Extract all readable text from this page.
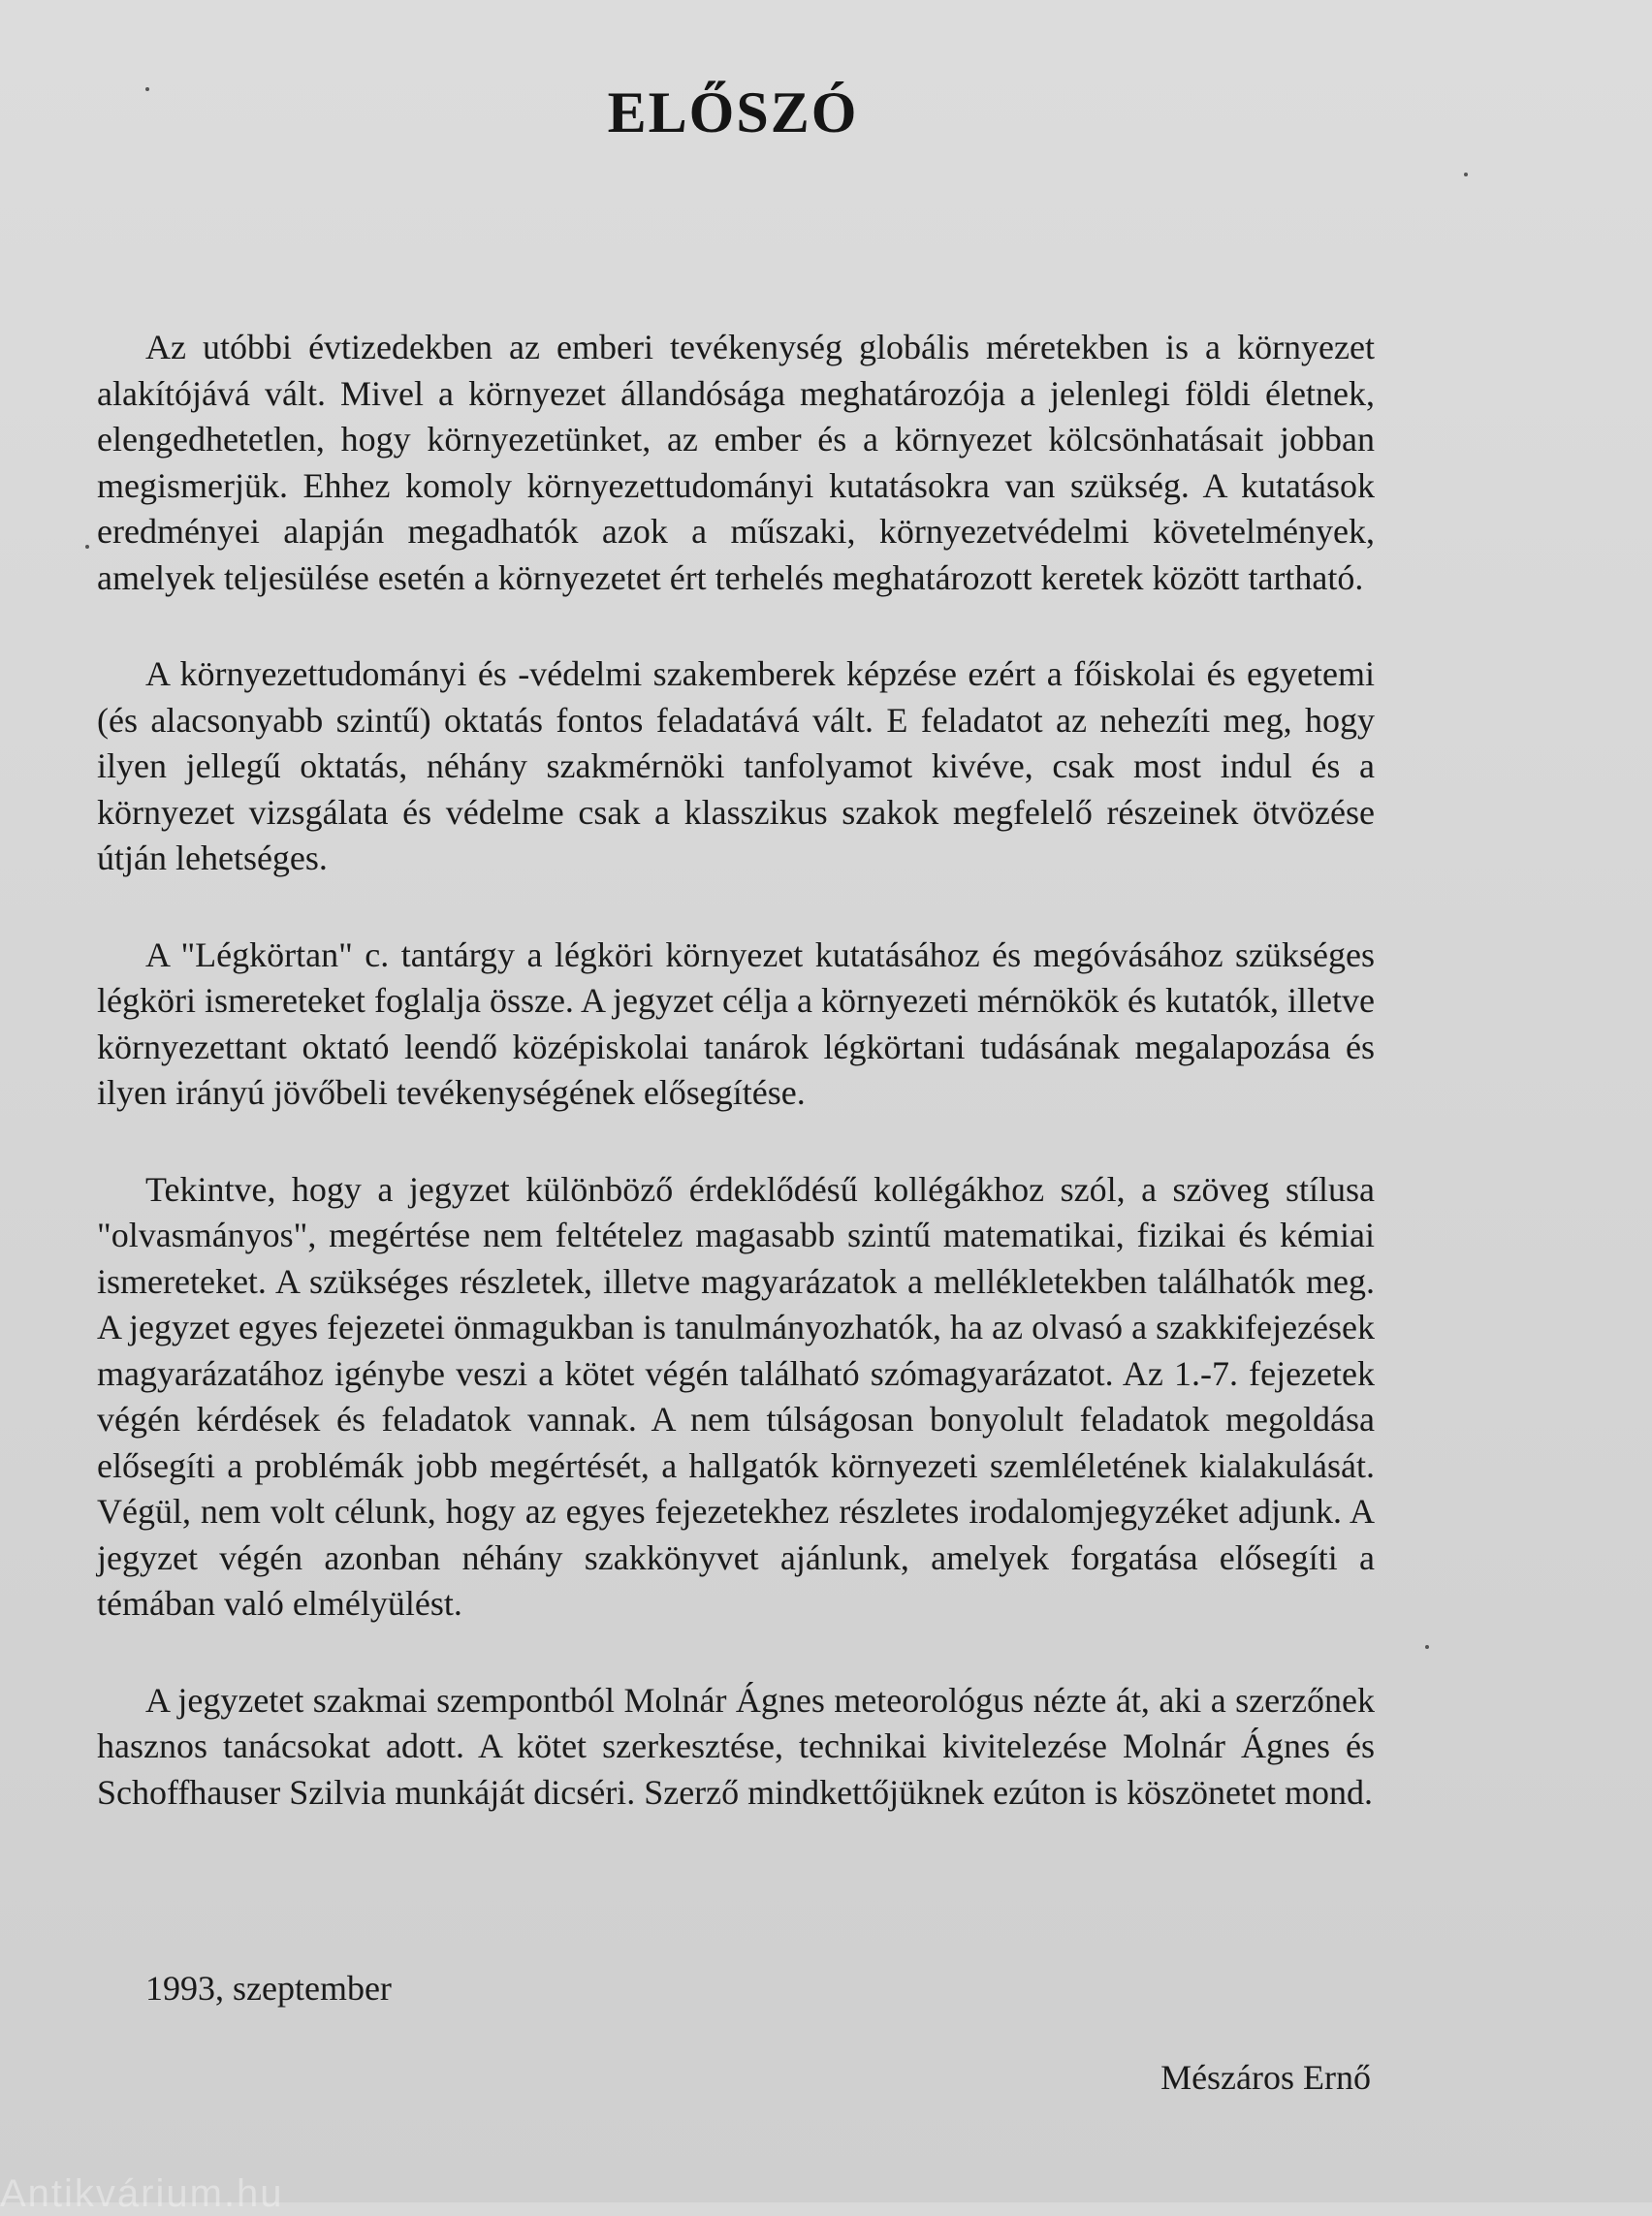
ELŐSZÓ

Az utóbbi évtizedekben az emberi tevékenység globális méretekben is a környezet alakítójává vált. Mivel a környezet állandósága meghatározója a jelenlegi földi életnek, elengedhetetlen, hogy környezetünket, az ember és a környezet kölcsönhatásait jobban megismerjük. Ehhez komoly környezettudományi kutatásokra van szükség. A kutatások eredményei alapján megadhatók azok a műszaki, környezetvédelmi követelmények, amelyek teljesülése esetén a környezetet ért terhelés meghatározott keretek között tartható.

A környezettudományi és -védelmi szakemberek képzése ezért a főiskolai és egyetemi (és alacsonyabb szintű) oktatás fontos feladatává vált. E feladatot az nehezíti meg, hogy ilyen jellegű oktatás, néhány szakmérnöki tanfolyamot kivéve, csak most indul és a környezet vizsgálata és védelme csak a klasszikus szakok megfelelő részeinek ötvözése útján lehetséges.

A "Légkörtan" c. tantárgy a légköri környezet kutatásához és megóvásához szükséges légköri ismereteket foglalja össze. A jegyzet célja a környezeti mérnökök és kutatók, illetve környezettant oktató leendő középiskolai tanárok légkörtani tudásának megalapozása és ilyen irányú jövőbeli tevékenységének elősegítése.

Tekintve, hogy a jegyzet különböző érdeklődésű kollégákhoz szól, a szöveg stílusa "olvasmányos", megértése nem feltételez magasabb szintű matematikai, fizikai és kémiai ismereteket. A szükséges részletek, illetve magyarázatok a mellékletekben találhatók meg. A jegyzet egyes fejezetei önmagukban is tanulmányozhatók, ha az olvasó a szakkifejezések magyarázatához igénybe veszi a kötet végén található szómagyarázatot. Az 1.-7. fejezetek végén kérdések és feladatok vannak. A nem túlságosan bonyolult feladatok megoldása elősegíti a problémák jobb megértését, a hallgatók környezeti szemléletének kialakulását. Végül, nem volt célunk, hogy az egyes fejezetekhez részletes irodalomjegyzéket adjunk. A jegyzet végén azonban néhány szakkönyvet ajánlunk, amelyek forgatása elősegíti a témában való elmélyülést.

A jegyzetet szakmai szempontból Molnár Ágnes meteorológus nézte át, aki a szerzőnek hasznos tanácsokat adott. A kötet szerkesztése, technikai kivitelezése Molnár Ágnes és Schoffhauser Szilvia munkáját dicséri. Szerző mindkettőjüknek ezúton is köszönetet mond.

1993, szeptember

Mészáros Ernő

Antikvárium.hu
